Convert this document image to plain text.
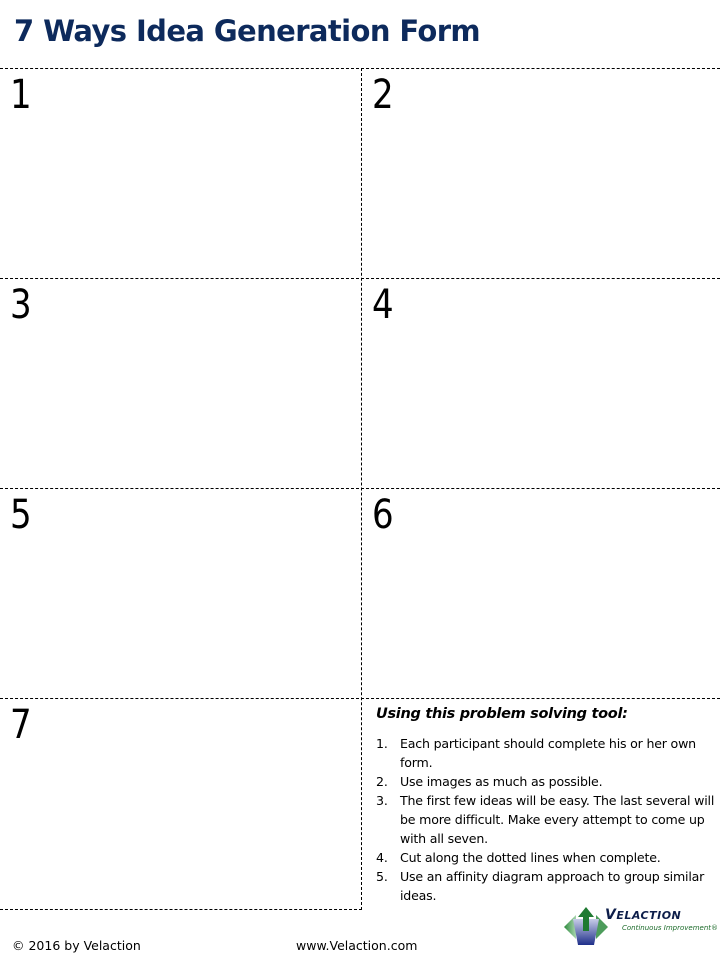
7 Ways Idea Generation Form
1	2
3	4
5	6
7	Using this problem solving tool:
1. Each participant should complete his or her own form.
2. Use images as much as possible.
3. The first few ideas will be easy. The last several will be more difficult. Make every attempt to come up with all seven.
4. Cut along the dotted lines when complete.
5. Use an affinity diagram approach to group similar ideas.
© 2016 by Velaction	www.Velaction.com
VELACTION
Continuous Improvement®
